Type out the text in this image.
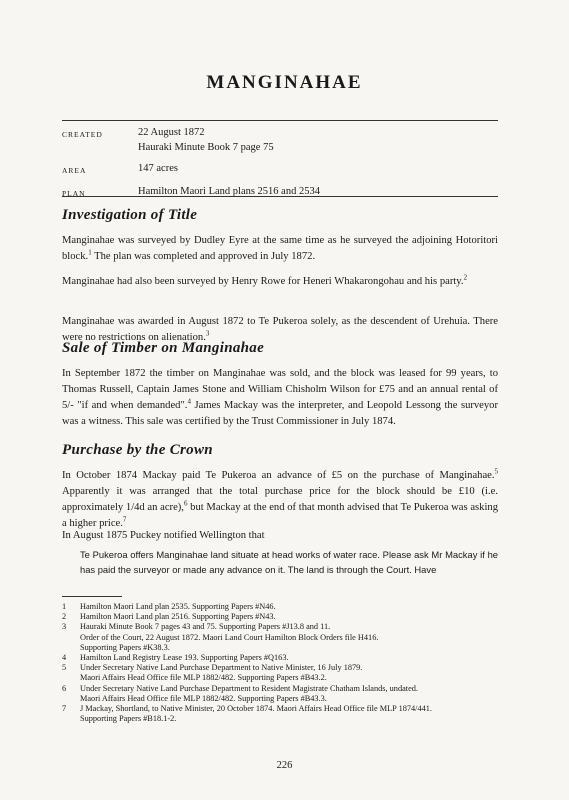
MANGINAHAE
CREATED	22 August 1872
Hauraki Minute Book 7 page 75
AREA	147 acres
PLAN	Hamilton Maori Land plans 2516 and 2534
Investigation of Title
Manginahae was surveyed by Dudley Eyre at the same time as he surveyed the adjoining Hotoritori block.$^1$ The plan was completed and approved in July 1872.
Manginahae had also been surveyed by Henry Rowe for Heneri Whakarongohau and his party.$^2$
Manginahae was awarded in August 1872 to Te Pukeroa solely, as the descendent of Urehuia. There were no restrictions on alienation.$^3$
Sale of Timber on Manginahae
In September 1872 the timber on Manginahae was sold, and the block was leased for 99 years, to Thomas Russell, Captain James Stone and William Chisholm Wilson for £75 and an annual rental of 5/- "if and when demanded".$^4$ James Mackay was the interpreter, and Leopold Lessong the surveyor was a witness. This sale was certified by the Trust Commissioner in July 1874.
Purchase by the Crown
In October 1874 Mackay paid Te Pukeroa an advance of £5 on the purchase of Manginahae.$^5$ Apparently it was arranged that the total purchase price for the block should be £10 (i.e. approximately 1/4d an acre),$^6$ but Mackay at the end of that month advised that Te Pukeroa was asking a higher price.$^7$
In August 1875 Puckey notified Wellington that
Te Pukeroa offers Manginahae land situate at head works of water race. Please ask Mr Mackay if he has paid the surveyor or made any advance on it. The land is through the Court. Have
1	Hamilton Maori Land plan 2535. Supporting Papers #N46.
2	Hamilton Maori Land plan 2516. Supporting Papers #N43.
3	Hauraki Minute Book 7 pages 43 and 75. Supporting Papers #J13.8 and 11.
Order of the Court, 22 August 1872. Maori Land Court Hamilton Block Orders file H416.
Supporting Papers #K38.3.
4	Hamilton Land Registry Lease 193. Supporting Papers #Q163.
5	Under Secretary Native Land Purchase Department to Native Minister, 16 July 1879.
Maori Affairs Head Office file MLP 1882/482. Supporting Papers #B43.2.
6	Under Secretary Native Land Purchase Department to Resident Magistrate Chatham Islands, undated.
Maori Affairs Head Office file MLP 1882/482. Supporting Papers #B43.3.
7	J Mackay, Shortland, to Native Minister, 20 October 1874. Maori Affairs Head Office file MLP 1874/441.
Supporting Papers #B18.1-2.
226
